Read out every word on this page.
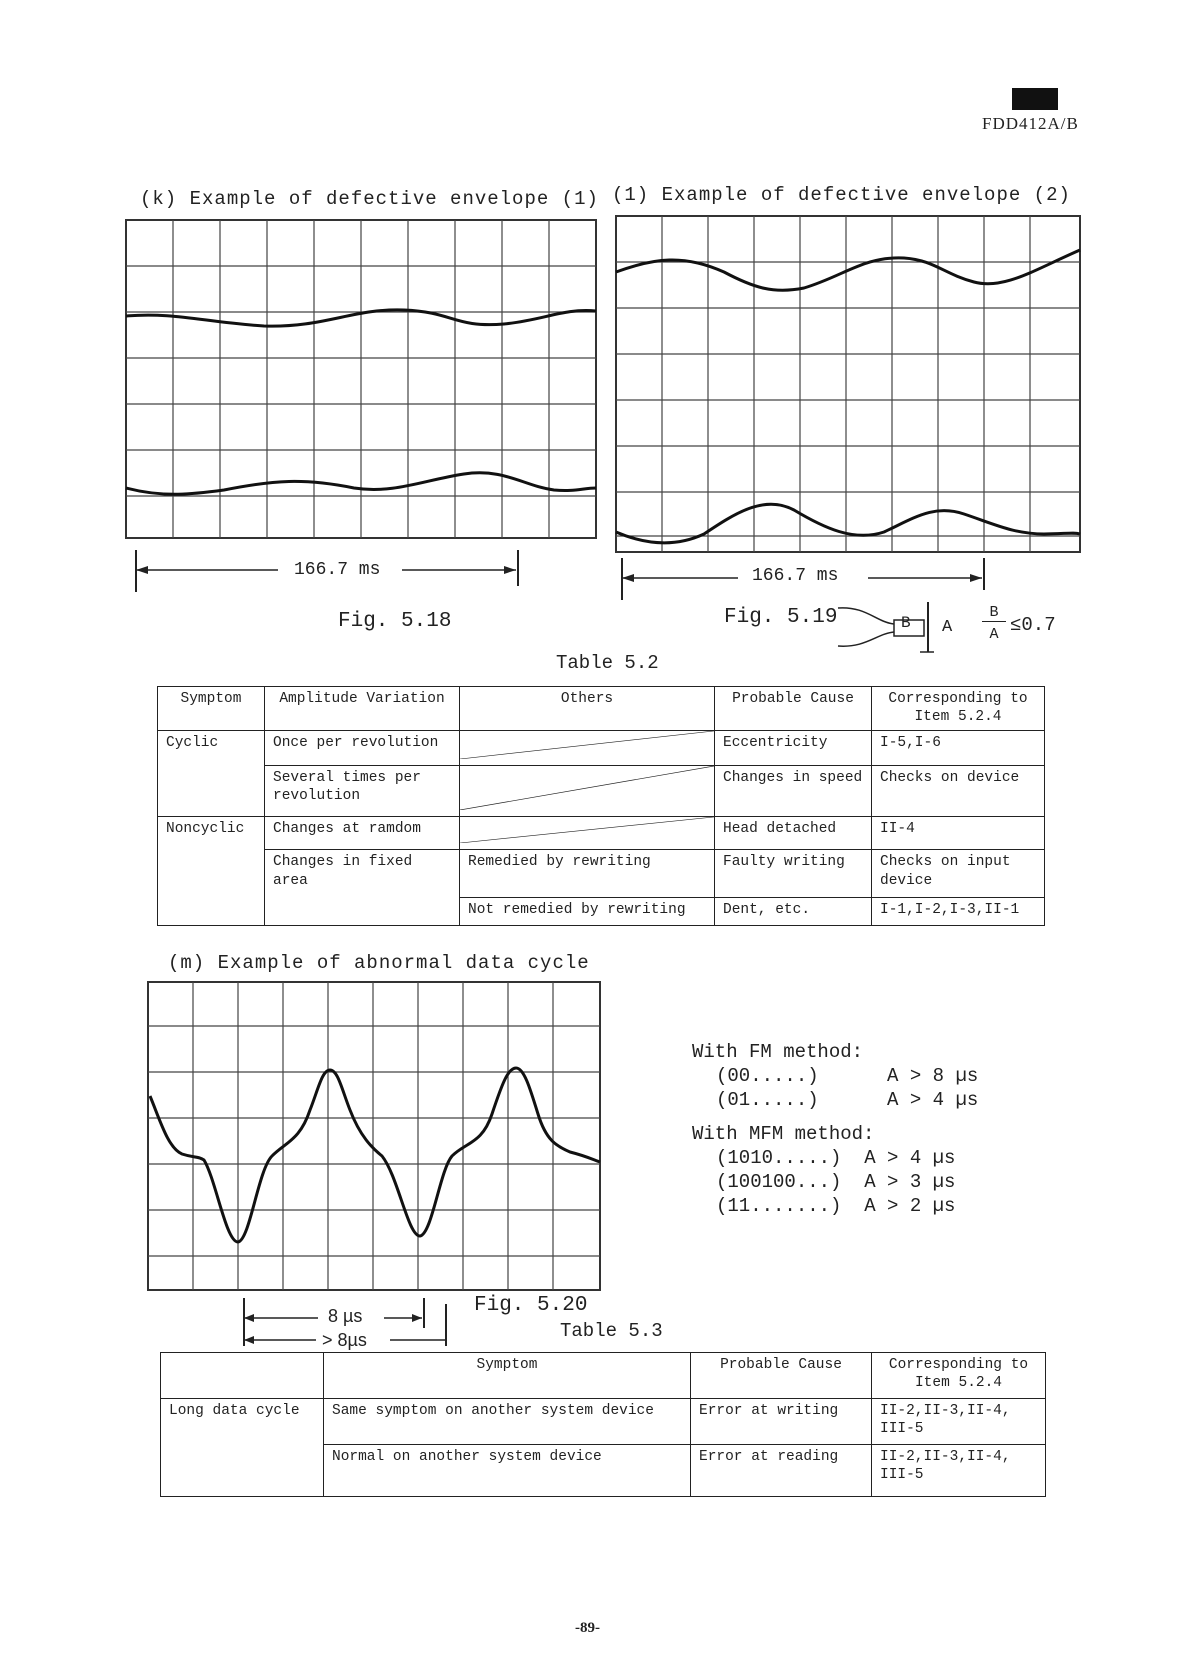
FDD412A/B
(k) Example of defective envelope (1) (1) Example of defective envelope (2)
166.7 ms
Fig. 5.18
166.7 ms
Fig. 5.19	B A
B
A ≤0.7
Table 5.2
Symptom	Amplitude Variation	Others	Probable Cause	Corresponding to Item 5.2.4
Cyclic	Once per revolution		Eccentricity	I-5,I-6
	Several times per revolution		Changes in speed	Checks on device
Noncyclic	Changes at ramdom		Head detached	II-4
	Changes in fixed area	Remedied by rewriting	Faulty writing	Checks on input device
		Not remedied by rewriting	Dent, etc.	I-1,I-2,I-3,II-1
(m) Example of abnormal data cycle
8 µs
> 8µs
Fig. 5.20
With FM method:
(00.....)      A > 8 µs
(01.....)      A > 4 µs
With MFM method:
(1010.....)  A > 4 µs
(100100...)  A > 3 µs
(11.......)  A > 2 µs
Table 5.3
	Symptom	Probable Cause	Corresponding to Item 5.2.4
Long data cycle	Same symptom on another system device	Error at writing	II-2,II-3,II-4, III-5
	Normal on another system device	Error at reading	II-2,II-3,II-4, III-5
-89-
